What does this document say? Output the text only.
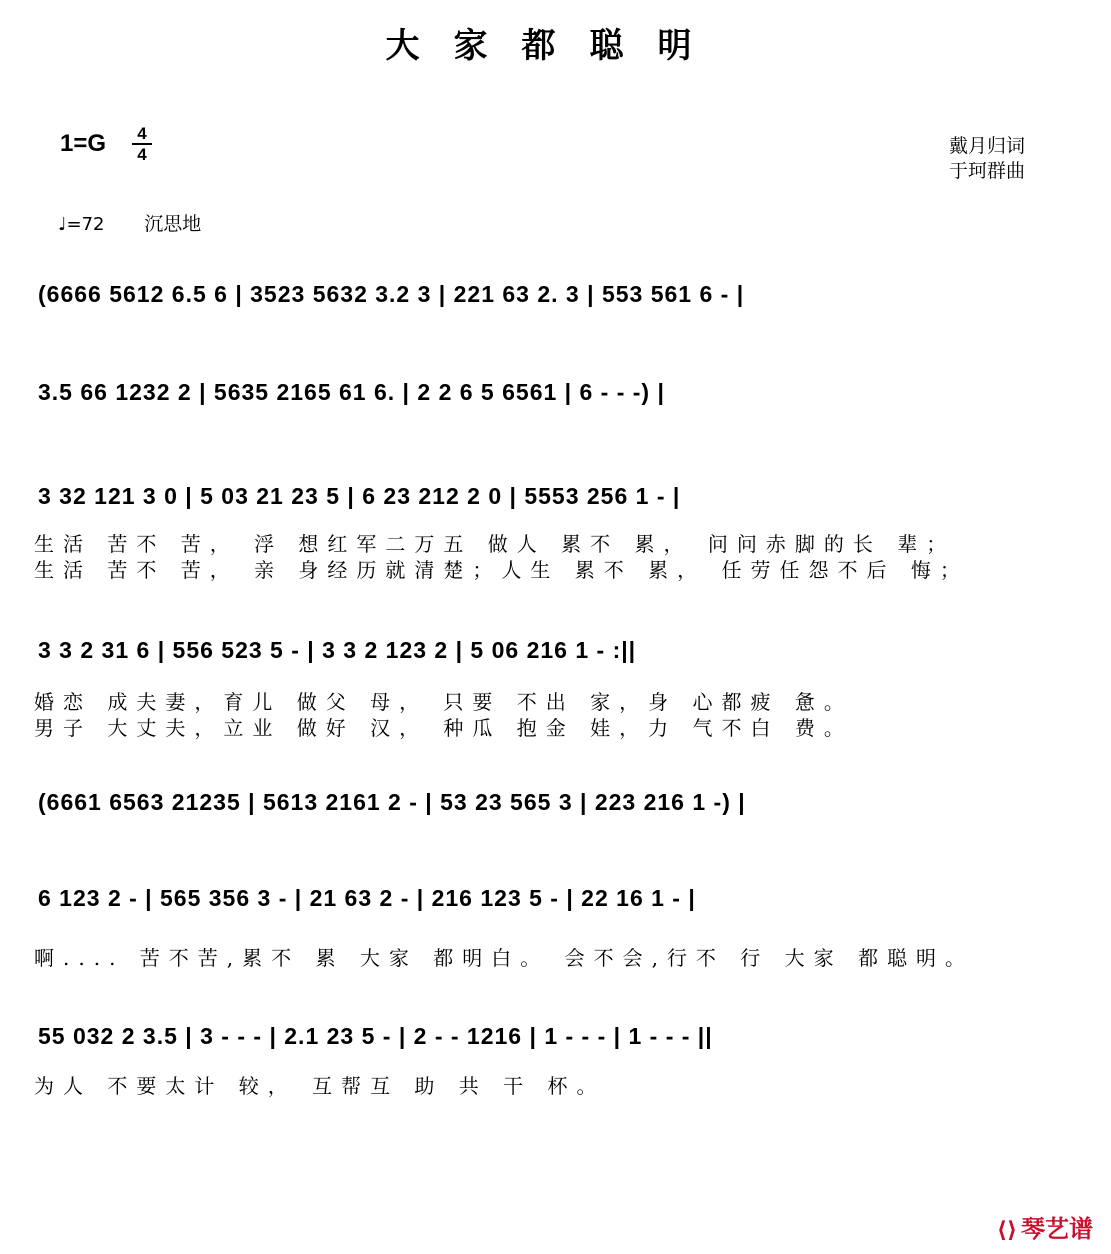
大家都聪明
1=G	4
4	戴月归词
于珂群曲
♩=72 沉思地
(6666 5612 6.5 6 | 3523 5632 3.2 3 | 221 63 2. 3 | 553 561 6 - |
3.5 66 1232 2 | 5635 2165 61 6. | 2 2 6 5 6561 | 6 - - -) |
3 32 121 3 0 | 5 03 21 23 5 | 6 23 212 2 0 | 5553 256 1 - |
生活 苦不 苦， 浮 想红军二万五 做人 累不 累， 问问赤脚的长 辈；
生活 苦不 苦， 亲 身经历就清楚；人生 累不 累， 任劳任怨不后 悔；
3 3 2 31 6 | 556 523 5 - | 3 3 2 123 2 | 5 06 216 1 - :||
婚恋 成夫妻，育儿 做父 母， 只要 不出 家，身 心都疲 惫。
男子 大丈夫，立业 做好 汉， 种瓜 抱金 娃，力 气不白 费。
(6661 6563 21235 | 5613 2161 2 - | 53 23 565 3 | 223 216 1 -) |
6 123 2 - | 565 356 3 - | 21 63 2 - | 216 123 5 - | 22 16 1 - |
啊.... 苦不苦,累不 累 大家 都明白。 会不会,行不 行 大家 都聪明。
55 032 2 3.5 | 3 - - - | 2.1 23 5 - | 2 - - 1216 | 1 - - - | 1 - - - ||
为人 不要太计 较， 互帮互 助 共 干 杯。
⟨⟩ 琴艺谱
